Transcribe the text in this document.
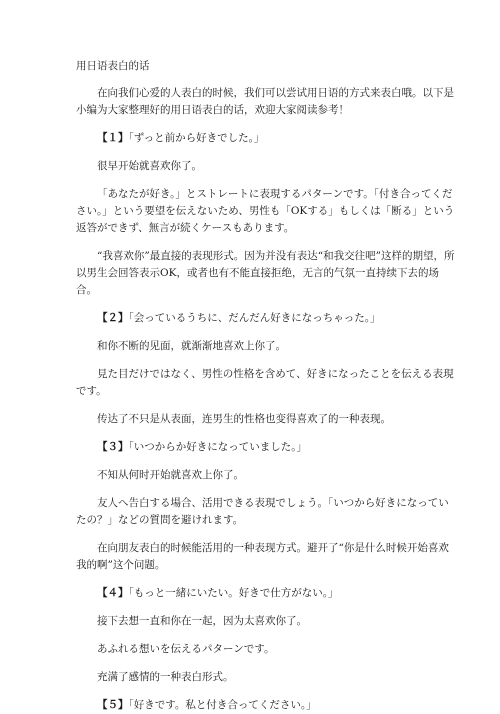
用日语表白的话

在向我们心爱的人表白的时候，我们可以尝试用日语的方式来表白哦。以下是小编为大家整理好的用日语表白的话，欢迎大家阅读参考！

【１】「ずっと前から好きでした。」

很早开始就喜欢你了。

「あなたが好き。」とストレートに表現するパターンです。「付き合ってください。」という要望を伝えないため、男性も「OKする」もしくは「断る」という返答ができず、無言が続くケースもあります。

“我喜欢你”最直接的表现形式。因为并没有表达“和我交往吧”这样的期望，所以男生会回答表示OK，或者也有不能直接拒绝，无言的气氛一直持续下去的场合。

【２】「会っているうちに、だんだん好きになっちゃった。」

和你不断的见面，就渐渐地喜欢上你了。

見た目だけではなく、男性の性格を含めて、好きになったことを伝える表現です。

传达了不只是从表面，连男生的性格也变得喜欢了的一种表现。

【３】「いつからか好きになっていました。」

不知从何时开始就喜欢上你了。

友人へ告白する場合、活用できる表現でしょう。「いつから好きになっていたの？」などの質問を避けれます。

在向朋友表白的时候能活用的一种表现方式。避开了“你是什么时候开始喜欢我的啊”这个问题。

【４】「もっと一緒にいたい。好きで仕方がない。」

接下去想一直和你在一起，因为太喜欢你了。

あふれる想いを伝えるパターンです。

充满了感情的一种表白形式。

【５】「好きです。私と付き合ってください。」
